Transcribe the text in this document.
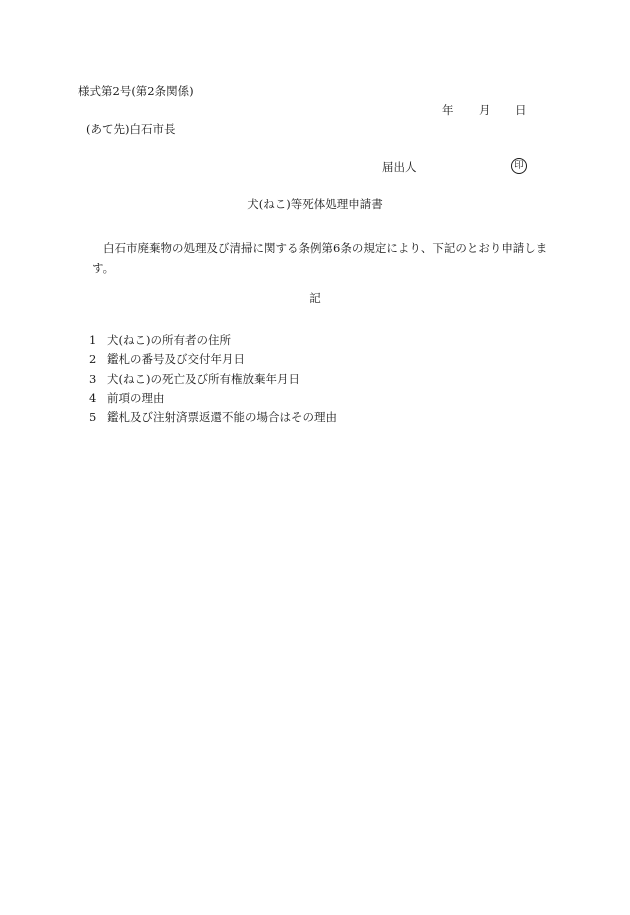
様式第2号(第2条関係)
年 月 日
(あて先)白石市長
届出人	印
犬(ねこ)等死体処理申請書
白石市廃棄物の処理及び清掃に関する条例第6条の規定により、下記のとおり申請します。
記
1 犬(ねこ)の所有者の住所
2 鑑札の番号及び交付年月日
3 犬(ねこ)の死亡及び所有権放棄年月日
4 前項の理由
5 鑑札及び注射済票返還不能の場合はその理由
